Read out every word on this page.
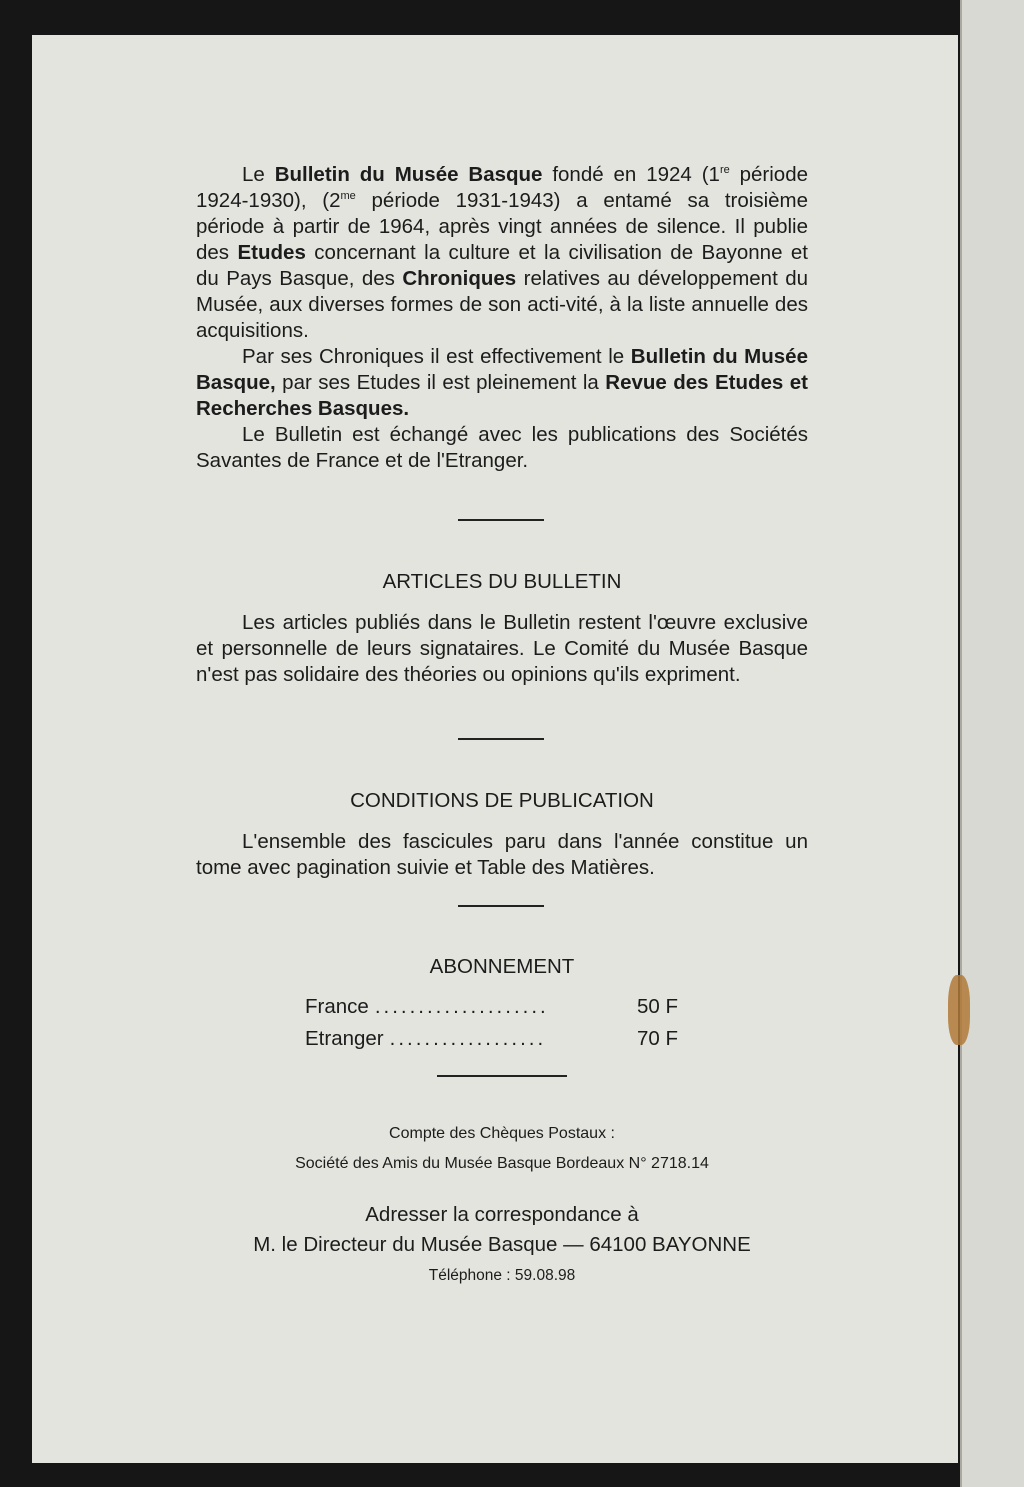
Le Bulletin du Musée Basque fondé en 1924 (1re période 1924-1930), ($2^{me}$ période 1931-1943) a entamé sa troisième période à partir de 1964, après vingt années de silence. Il publie des Etudes concernant la culture et la civilisation de Bayonne et du Pays Basque, des Chroniques relatives au développement du Musée, aux diverses formes de son acti-vité, à la liste annuelle des acquisitions.

Par ses Chroniques il est effectivement le Bulletin du Musée Basque, par ses Etudes il est pleinement la Revue des Etudes et Recherches Basques.

Le Bulletin est échangé avec les publications des Sociétés Savantes de France et de l'Etranger.

ARTICLES DU BULLETIN

Les articles publiés dans le Bulletin restent l'œuvre exclusive et personnelle de leurs signataires. Le Comité du Musée Basque n'est pas solidaire des théories ou opinions qu'ils expriment.

CONDITIONS DE PUBLICATION

L'ensemble des fascicules paru dans l'année constitue un tome avec pagination suivie et Table des Matières.

ABONNEMENT
France ....................	50 F
Etranger ..................	70 F
Compte des Chèques Postaux :
Société des Amis du Musée Basque Bordeaux N° 2718.14
Adresser la correspondance à
M. le Directeur du Musée Basque — 64100 BAYONNE
Téléphone : 59.08.98
